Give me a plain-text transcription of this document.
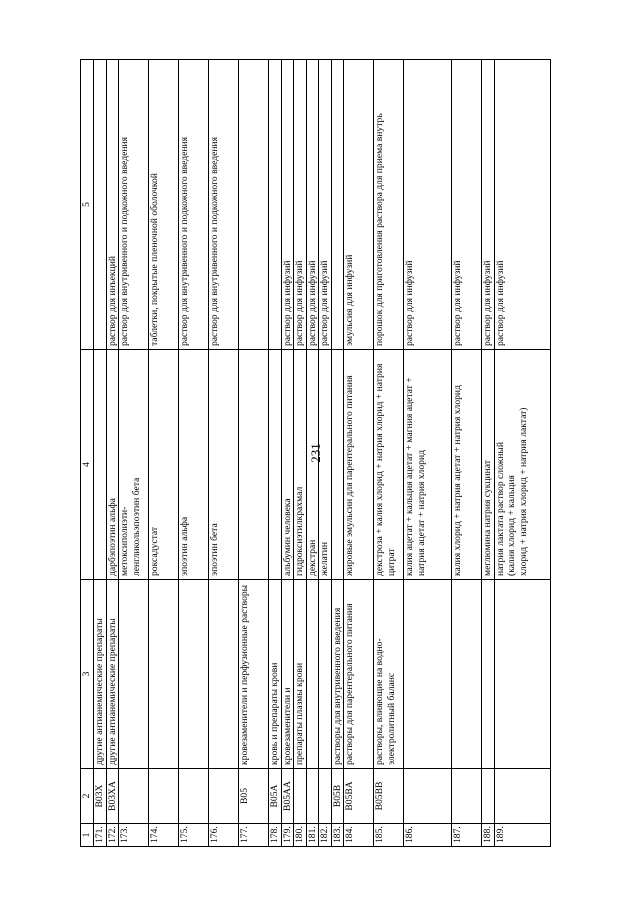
231
1	2	3	4	5
171.	B03X	другие антианемические препараты		
172.	B03XA	другие антианемические препараты	дарбэпоэтин альфа	раствор для инъекций
173.			метоксиполиэти-
ленгликольэпоэтин бета	раствор для внутривенного и подкожного введения
174.			роксадустат	таблетки, покрытые пленочной оболочкой
175.			эпоэтин альфа	раствор для внутривенного и подкожного введения
176.			эпоэтин бета	раствор для внутривенного и подкожного введения
177.	B05	кровезаменители и перфузионные растворы		
178.	B05A	кровь и препараты крови		
179.	B05AA	кровезаменители и	альбумин человека	раствор для инфузий
180.		препараты плазмы крови	гидроксиэтилкрахмал	раствор для инфузий
181.			декстран	раствор для инфузий
182.			желатин	раствор для инфузий
183.	B05B	растворы для внутривенного введения		
184.	B05BA	растворы для парентерального питания	жировые эмульсии для парентерального питания	эмульсия для инфузий
185.	B05BB	растворы, влияющие на водно-электролитный баланс	декстроза + калия хлорид + натрия хлорид + натрия цитрат	порошок для приготовления раствора для приема внутрь
186.			калия ацетат + кальция ацетат + магния ацетат + натрия ацетат + натрия хлорид	раствор для инфузий
187.			калия хлорид + натрия ацетат + натрия хлорид	раствор для инфузий
188.			меглюмина натрия сукцинат	раствор для инфузий
189.			натрия лактата раствор сложный
(калия хлорид + кальция
хлорид + натрия хлорид + натрия лактат)	раствор для инфузий
